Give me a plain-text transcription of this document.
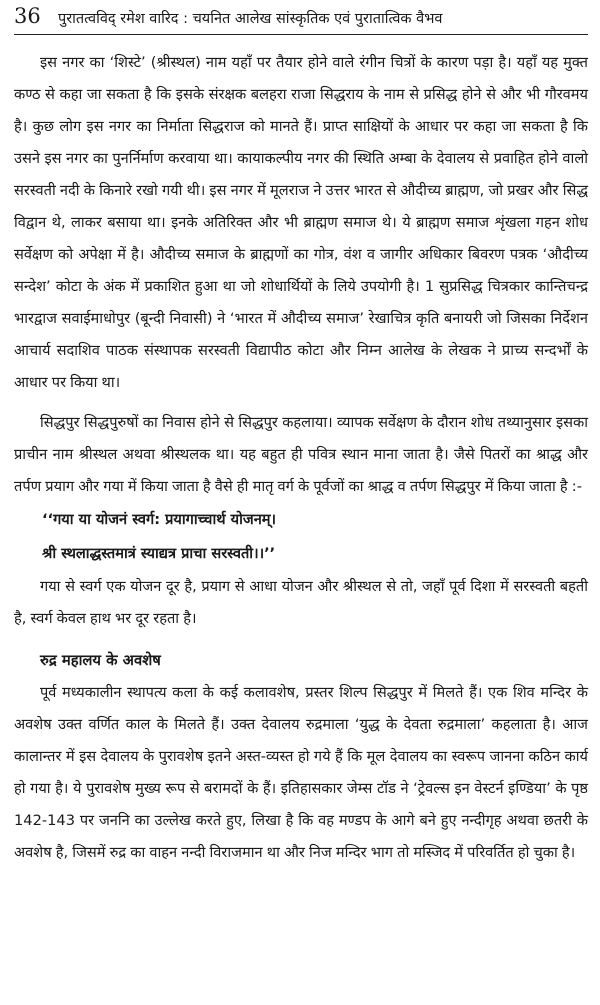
36	पुरातत्वविद् रमेश वारिद : चयनित आलेख सांस्कृतिक एवं पुरातात्विक वैभव

इस नगर का ‘शिस्टे’ (श्रीस्थल) नाम यहाँ पर तैयार होने वाले रंगीन चित्रों के कारण पड़ा है। यहाँ यह मुक्त कण्ठ से कहा जा सकता है कि इसके संरक्षक बलहरा राजा सिद्धराय के नाम से प्रसिद्ध होने से और भी गौरवमय है। कुछ लोग इस नगर का निर्माता सिद्धराज को मानते हैं। प्राप्त साक्षियों के आधार पर कहा जा सकता है कि उसने इस नगर का पुनर्निर्माण करवाया था। कायाकल्पीय नगर की स्थिति अम्बा के देवालय से प्रवाहित होने वालो सरस्वती नदी के किनारे रखो गयी थी। इस नगर में मूलराज ने उत्तर भारत से औदीच्य ब्राह्मण, जो प्रखर और सिद्ध विद्वान थे, लाकर बसाया था। इनके अतिरिक्त और भी ब्राह्मण समाज थे। ये ब्राह्मण समाज शृंखला गहन शोध सर्वेक्षण को अपेक्षा में है। औदीच्य समाज के ब्राह्मणों का गोत्र, वंश व जागीर अधिकार बिवरण पत्रक ‘औदीच्य सन्देश’ कोटा के अंक में प्रकाशित हुआ था जो शोधार्थियों के लिये उपयोगी है। 1 सुप्रसिद्ध चित्रकार कान्तिचन्द्र भारद्वाज सवाईमाधोपुर (बून्दी निवासी) ने ‘भारत में औदीच्य समाज’ रेखाचित्र कृति बनायरी जो जिसका निर्देशन आचार्य सदाशिव पाठक संस्थापक सरस्वती विद्यापीठ कोटा और निम्न आलेख के लेखक ने प्राच्य सन्दर्भों के आधार पर किया था।

सिद्धपुर सिद्धपुरुषों का निवास होने से सिद्धपुर कहलाया। व्यापक सर्वेक्षण के दौरान शोध तथ्यानुसार इसका प्राचीन नाम श्रीस्थल अथवा श्रीस्थलक था। यह बहुत ही पवित्र स्थान माना जाता है। जैसे पितरों का श्राद्ध और तर्पण प्रयाग और गया में किया जाता है वैसे ही मातृ वर्ग के पूर्वजों का श्राद्ध व तर्पण सिद्धपुर में किया जाता है :-

‘‘गया या योजनं स्वर्ग: प्रयागाच्चार्थ योजनम्।

श्री स्थलाद्धस्तमात्रं स्याद्यत्र प्राचा सरस्वती।।’’

गया से स्वर्ग एक योजन दूर है, प्रयाग से आधा योजन और श्रीस्थल से तो, जहाँ पूर्व दिशा में सरस्वती बहती है, स्वर्ग केवल हाथ भर दूर रहता है।

रुद्र महालय के अवशेष

पूर्व मध्यकालीन स्थापत्य कला के कई कलावशेष, प्रस्तर शिल्प सिद्धपुर में मिलते हैं। एक शिव मन्दिर के अवशेष उक्त वर्णित काल के मिलते हैं। उक्त देवालय रुद्रमाला ‘युद्ध के देवता रुद्रमाला’ कहलाता है। आज कालान्तर में इस देवालय के पुरावशेष इतने अस्त-व्यस्त हो गये हैं कि मूल देवालय का स्वरूप जानना कठिन कार्य हो गया है। ये पुरावशेष मुख्य रूप से बरामदों के हैं। इतिहासकार जेम्स टॉड ने ‘ट्रेवल्स इन वेस्टर्न इण्डिया’ के पृष्ठ 142-143 पर जननि का उल्लेख करते हुए, लिखा है कि वह मण्डप के आगे बने हुए नन्दीगृह अथवा छतरी के अवशेष है, जिसमें रुद्र का वाहन नन्दी विराजमान था और निज मन्दिर भाग तो मस्जिद में परिवर्तित हो चुका है।
